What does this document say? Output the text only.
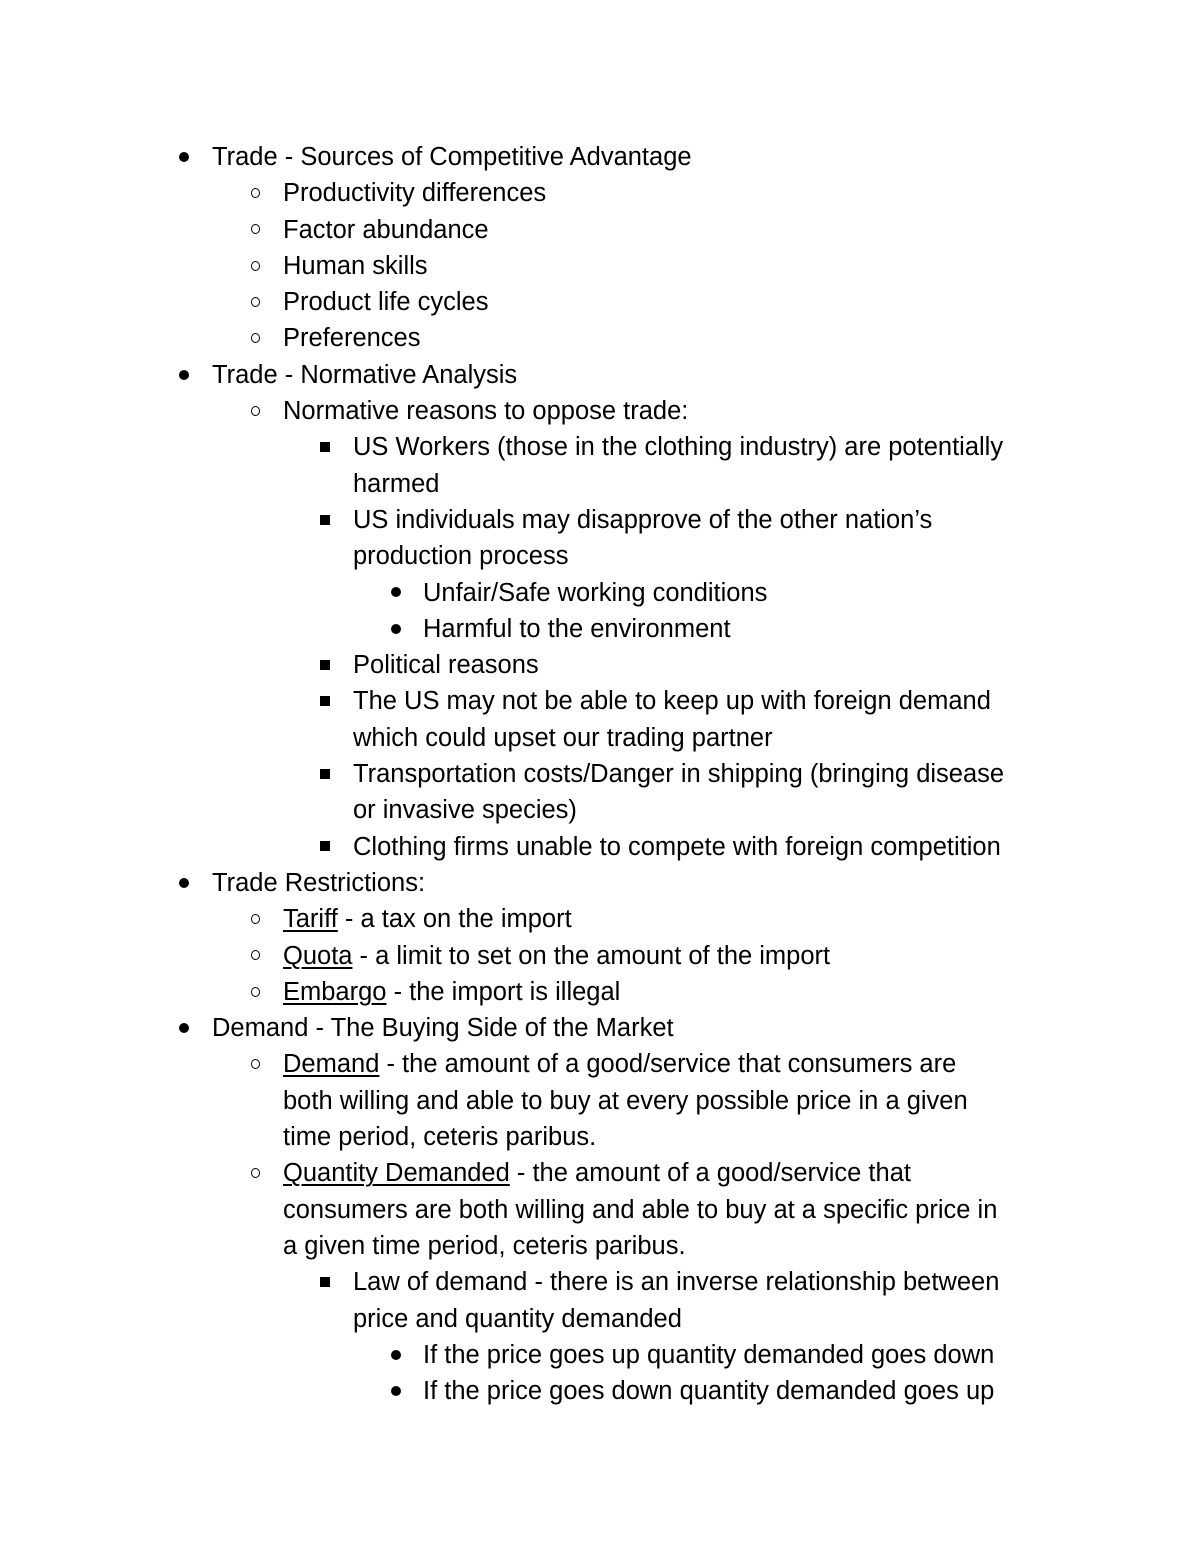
Trade - Sources of Competitive Advantage
Productivity differences
Factor abundance
Human skills
Product life cycles
Preferences
Trade - Normative Analysis
Normative reasons to oppose trade:
US Workers (those in the clothing industry) are potentially
harmed
US individuals may disapprove of the other nation’s
production process
Unfair/Safe working conditions
Harmful to the environment
Political reasons
The US may not be able to keep up with foreign demand
which could upset our trading partner
Transportation costs/Danger in shipping (bringing disease
or invasive species)
Clothing firms unable to compete with foreign competition
Trade Restrictions:
Tariff - a tax on the import
Quota - a limit to set on the amount of the import
Embargo - the import is illegal
Demand - The Buying Side of the Market
Demand - the amount of a good/service that consumers are
both willing and able to buy at every possible price in a given
time period, ceteris paribus.
Quantity Demanded - the amount of a good/service that
consumers are both willing and able to buy at a specific price in
a given time period, ceteris paribus.
Law of demand - there is an inverse relationship between
price and quantity demanded
If the price goes up quantity demanded goes down
If the price goes down quantity demanded goes up
